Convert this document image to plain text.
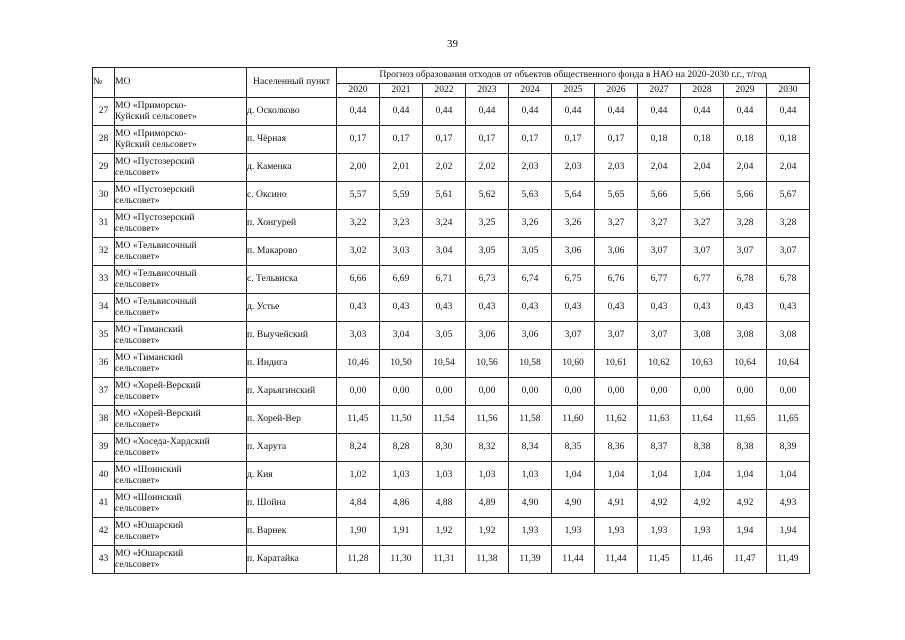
39
№	МО	Населенный пункт	Прогноз образования отходов от объектов общественного фонда в НАО на 2020-2030 г.г., т/год										
			2020	2021	2022	2023	2024	2025	2026	2027	2028	2029	2030
27	МО «Приморско-
Куйский сельсовет»	д. Осколково	0,44	0,44	0,44	0,44	0,44	0,44	0,44	0,44	0,44	0,44	0,44
28	МО «Приморско-
Куйский сельсовет»	п. Чёрная	0,17	0,17	0,17	0,17	0,17	0,17	0,17	0,18	0,18	0,18	0,18
29	МО «Пустозерский
сельсовет»	д. Каменка	2,00	2,01	2,02	2,02	2,03	2,03	2,03	2,04	2,04	2,04	2,04
30	МО «Пустозерский
сельсовет»	с. Оксино	5,57	5,59	5,61	5,62	5,63	5,64	5,65	5,66	5,66	5,66	5,67
31	МО «Пустозерский
сельсовет»	п. Хонгурей	3,22	3,23	3,24	3,25	3,26	3,26	3,27	3,27	3,27	3,28	3,28
32	МО «Тельвисочный
сельсовет»	п. Макарово	3,02	3,03	3,04	3,05	3,05	3,06	3,06	3,07	3,07	3,07	3,07
33	МО «Тельвисочный
сельсовет»	с. Тельвиска	6,66	6,69	6,71	6,73	6,74	6,75	6,76	6,77	6,77	6,78	6,78
34	МО «Тельвисочный
сельсовет»	д. Устье	0,43	0,43	0,43	0,43	0,43	0,43	0,43	0,43	0,43	0,43	0,43
35	МО «Тиманский
сельсовет»	п. Выучейский	3,03	3,04	3,05	3,06	3,06	3,07	3,07	3,07	3,08	3,08	3,08
36	МО «Тиманский
сельсовет»	п. Индига	10,46	10,50	10,54	10,56	10,58	10,60	10,61	10,62	10,63	10,64	10,64
37	МО «Хорей-Верский
сельсовет»	п. Харьягинский	0,00	0,00	0,00	0,00	0,00	0,00	0,00	0,00	0,00	0,00	0,00
38	МО «Хорей-Верский
сельсовет»	п. Хорей-Вер	11,45	11,50	11,54	11,56	11,58	11,60	11,62	11,63	11,64	11,65	11,65
39	МО «Хоседа-Хардский
сельсовет»	п. Харута	8,24	8,28	8,30	8,32	8,34	8,35	8,36	8,37	8,38	8,38	8,39
40	МО «Шоинский
сельсовет»	д. Кия	1,02	1,03	1,03	1,03	1,03	1,04	1,04	1,04	1,04	1,04	1,04
41	МО «Шоинский
сельсовет»	п. Шойна	4,84	4,86	4,88	4,89	4,90	4,90	4,91	4,92	4,92	4,92	4,93
42	МО «Юшарский
сельсовет»	п. Варнек	1,90	1,91	1,92	1,92	1,93	1,93	1,93	1,93	1,93	1,94	1,94
43	МО «Юшарский
сельсовет»	п. Каратайка	11,28	11,30	11,31	11,38	11,39	11,44	11,44	11,45	11,46	11,47	11,49
